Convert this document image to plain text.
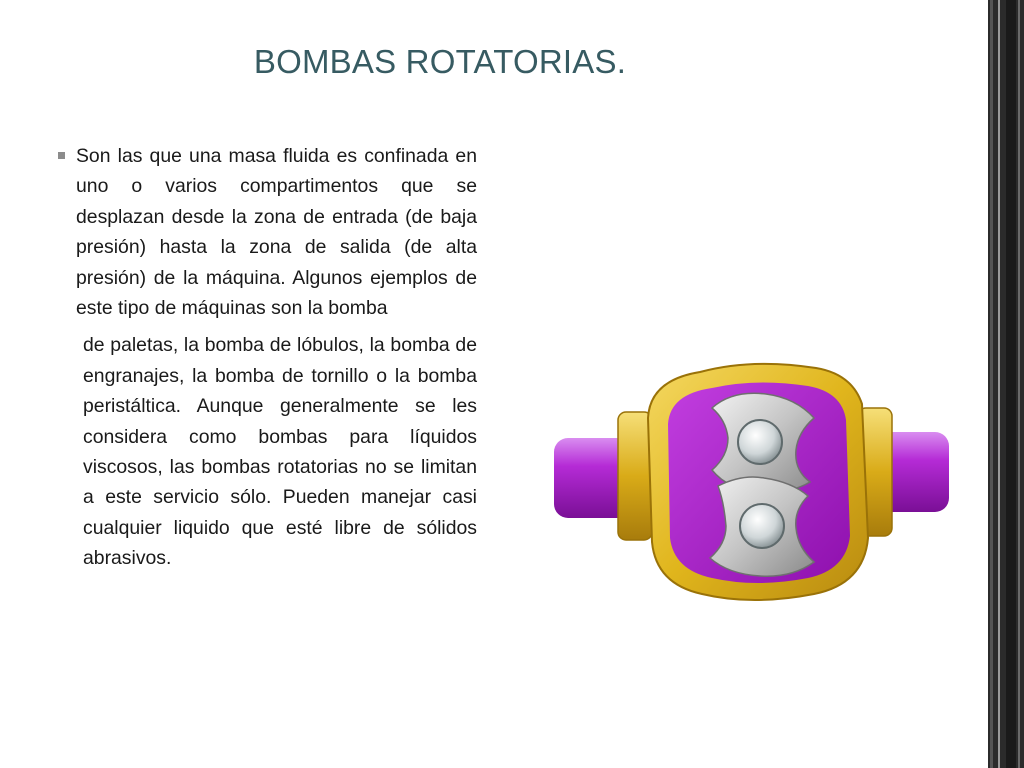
BOMBAS ROTATORIAS.

Son las que una masa fluida es confinada en uno o varios compartimentos que se desplazan desde la zona de entrada (de baja presión) hasta la zona de salida (de alta presión) de la máquina. Algunos ejemplos de este tipo de máquinas son la bomba

de paletas, la bomba de lóbulos, la bomba de engranajes, la bomba de tornillo o la bomba peristáltica. Aunque generalmente se les considera como bombas para líquidos viscosos, las bombas rotatorias no se limitan a este servicio sólo. Pueden manejar casi cualquier liquido que esté libre de sólidos abrasivos.
